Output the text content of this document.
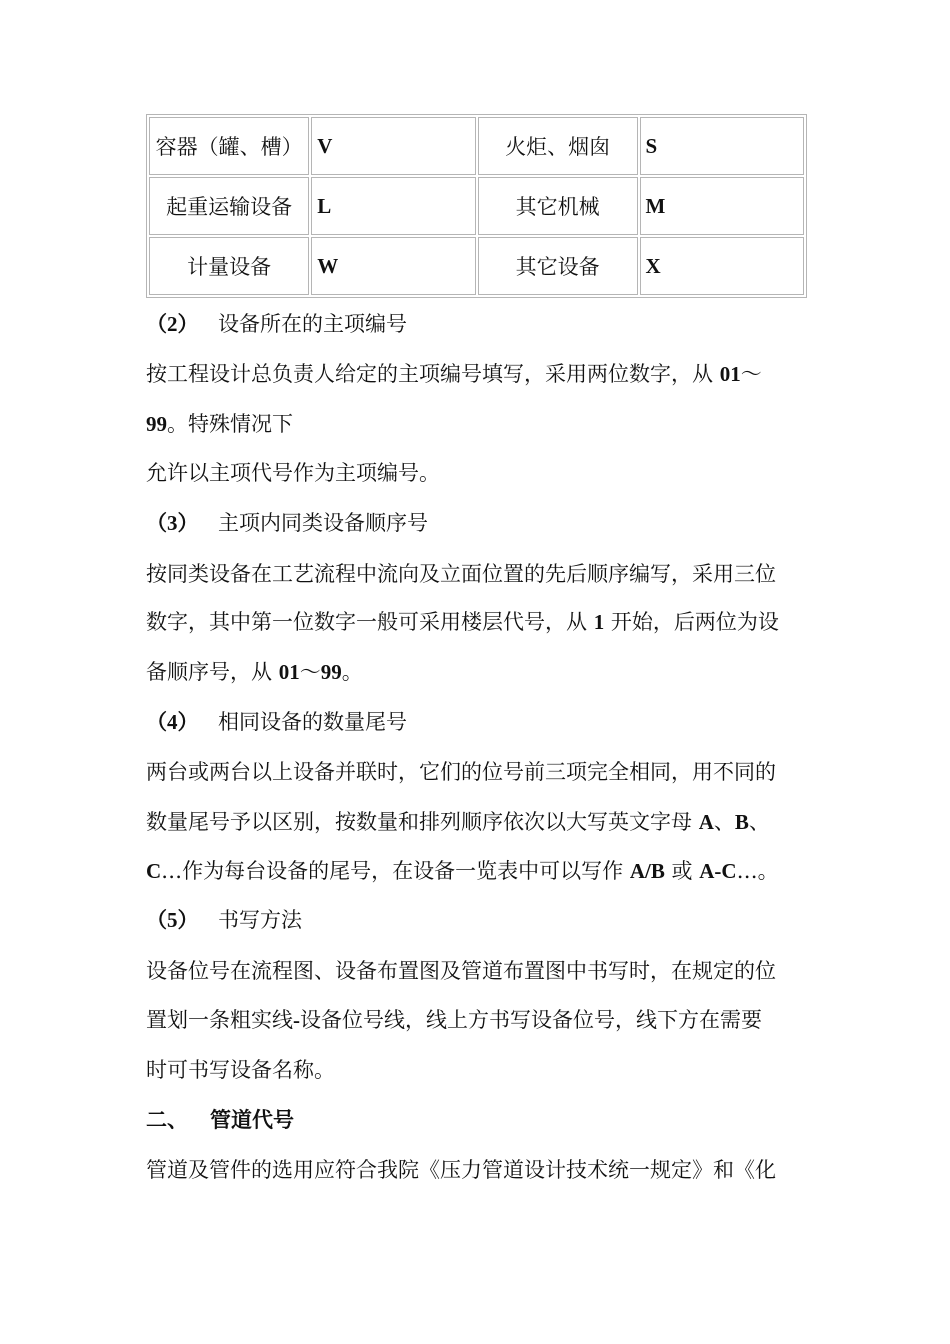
容器（罐、槽）	V	火炬、烟囱	S
起重运输设备	L	其它机械	M
计量设备	W	其它设备	X
（2） 设备所在的主项编号
按工程设计总负责人给定的主项编号填写，采用两位数字，从 01～
99。特殊情况下
允许以主项代号作为主项编号。
（3） 主项内同类设备顺序号
按同类设备在工艺流程中流向及立面位置的先后顺序编写，采用三位
数字，其中第一位数字一般可采用楼层代号，从 1 开始，后两位为设
备顺序号，从 01～99。
（4） 相同设备的数量尾号
两台或两台以上设备并联时，它们的位号前三项完全相同，用不同的
数量尾号予以区别，按数量和排列顺序依次以大写英文字母 A、B、
C…作为每台设备的尾号，在设备一览表中可以写作 A/B 或 A-C…。
（5） 书写方法
设备位号在流程图、设备布置图及管道布置图中书写时，在规定的位
置划一条粗实线-设备位号线，线上方书写设备位号，线下方在需要
时可书写设备名称。
二、 管道代号
管道及管件的选用应符合我院《压力管道设计技术统一规定》和《化
